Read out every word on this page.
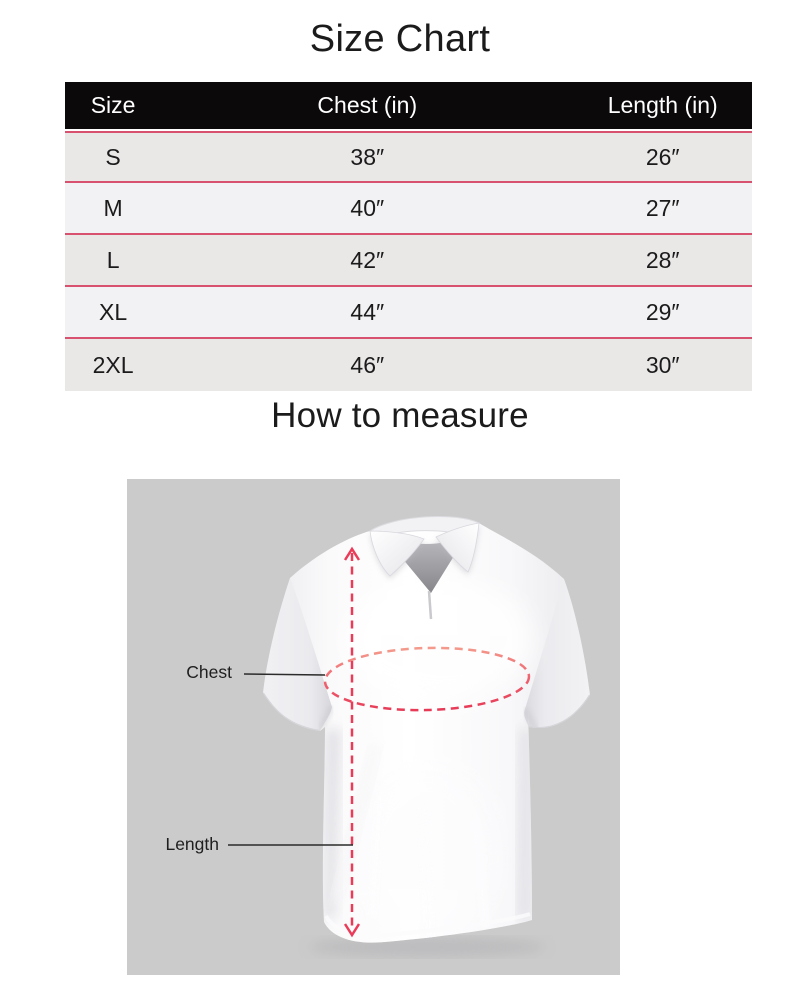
Size Chart
Size	Chest (in)	Length (in)
S	38″	26″
M	40″	27″
L	42″	28″
XL	44″	29″
2XL	46″	30″
How to measure
Chest
Length
